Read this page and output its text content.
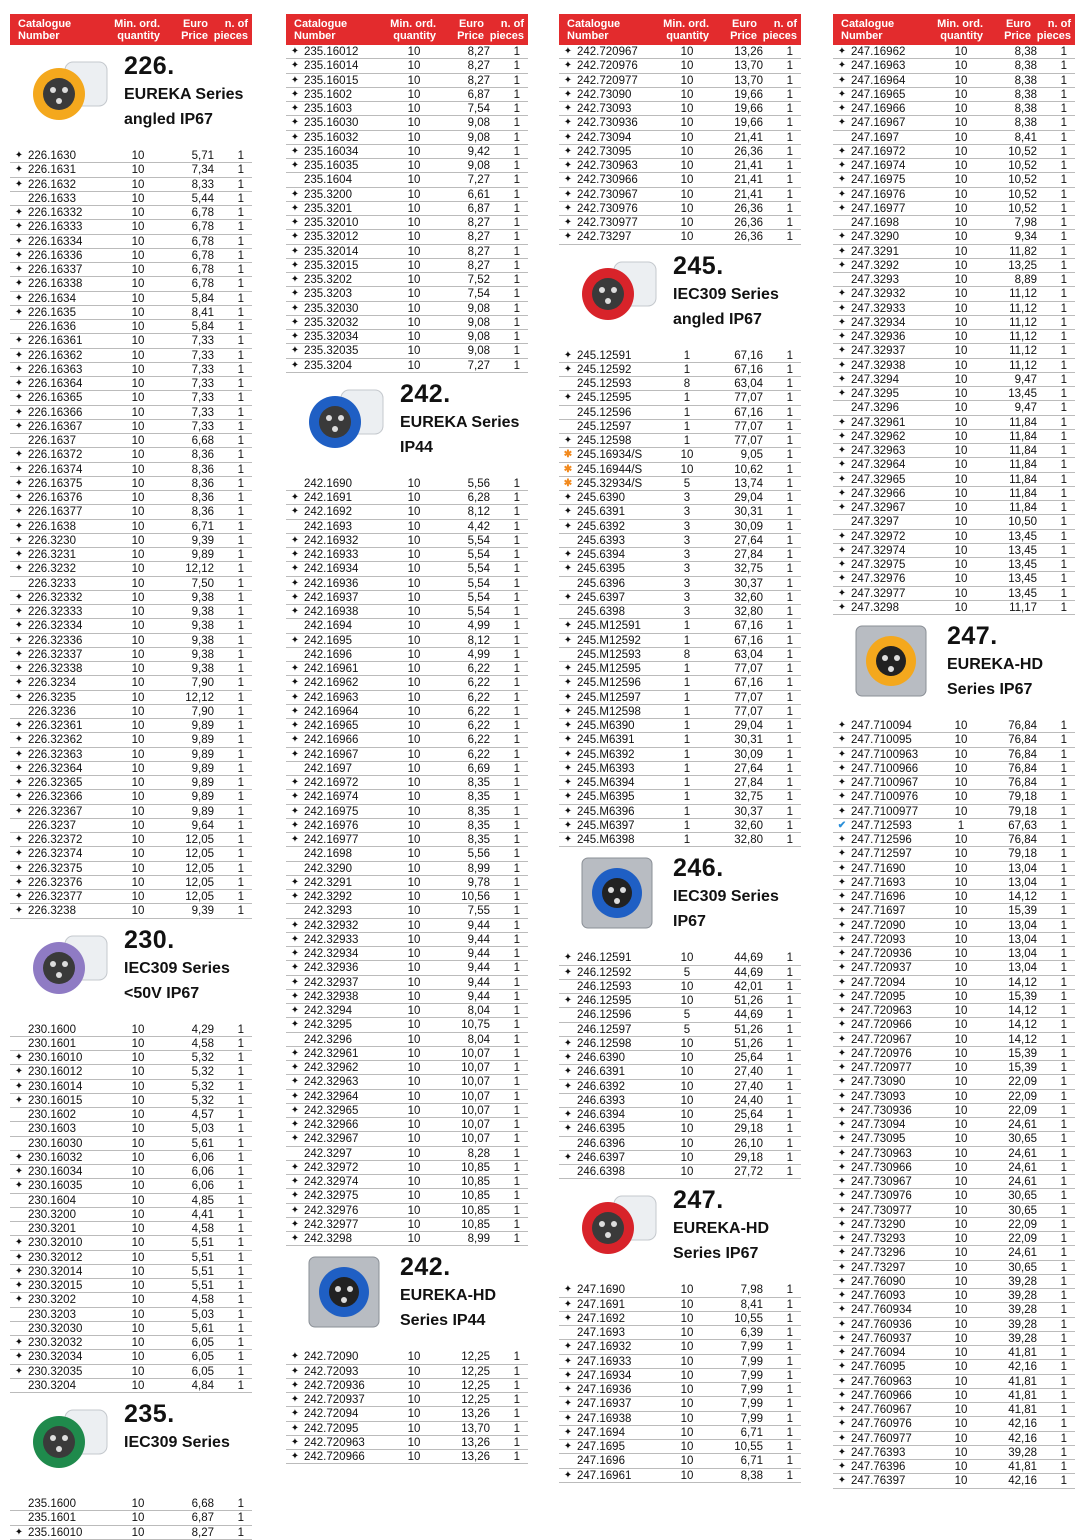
Catalogue
Number
Min. ord.
quantity
Euro
Price
n. of
pieces
226.
EUREKA Series
angled IP67
✦ 226.1630	10	5,71	1
✦ 226.1631	10	7,34	1
✦ 226.1632	10	8,33	1
226.1633	10	5,44	1
✦ 226.16332	10	6,78	1
✦ 226.16333	10	6,78	1
✦ 226.16334	10	6,78	1
✦ 226.16336	10	6,78	1
✦ 226.16337	10	6,78	1
✦ 226.16338	10	6,78	1
✦ 226.1634	10	5,84	1
✦ 226.1635	10	8,41	1
226.1636	10	5,84	1
✦ 226.16361	10	7,33	1
✦ 226.16362	10	7,33	1
✦ 226.16363	10	7,33	1
✦ 226.16364	10	7,33	1
✦ 226.16365	10	7,33	1
✦ 226.16366	10	7,33	1
✦ 226.16367	10	7,33	1
226.1637	10	6,68	1
✦ 226.16372	10	8,36	1
✦ 226.16374	10	8,36	1
✦ 226.16375	10	8,36	1
✦ 226.16376	10	8,36	1
✦ 226.16377	10	8,36	1
✦ 226.1638	10	6,71	1
✦ 226.3230	10	9,39	1
✦ 226.3231	10	9,89	1
✦ 226.3232	10	12,12	1
226.3233	10	7,50	1
✦ 226.32332	10	9,38	1
✦ 226.32333	10	9,38	1
✦ 226.32334	10	9,38	1
✦ 226.32336	10	9,38	1
✦ 226.32337	10	9,38	1
✦ 226.32338	10	9,38	1
✦ 226.3234	10	7,90	1
✦ 226.3235	10	12,12	1
226.3236	10	7,90	1
✦ 226.32361	10	9,89	1
✦ 226.32362	10	9,89	1
✦ 226.32363	10	9,89	1
✦ 226.32364	10	9,89	1
✦ 226.32365	10	9,89	1
✦ 226.32366	10	9,89	1
✦ 226.32367	10	9,89	1
226.3237	10	9,64	1
✦ 226.32372	10	12,05	1
✦ 226.32374	10	12,05	1
✦ 226.32375	10	12,05	1
✦ 226.32376	10	12,05	1
✦ 226.32377	10	12,05	1
✦ 226.3238	10	9,39	1
230.
IEC309 Series
<50V IP67
230.1600	10	4,29	1
230.1601	10	4,58	1
✦ 230.16010	10	5,32	1
✦ 230.16012	10	5,32	1
✦ 230.16014	10	5,32	1
✦ 230.16015	10	5,32	1
230.1602	10	4,57	1
230.1603	10	5,03	1
230.16030	10	5,61	1
✦ 230.16032	10	6,06	1
✦ 230.16034	10	6,06	1
✦ 230.16035	10	6,06	1
230.1604	10	4,85	1
230.3200	10	4,41	1
230.3201	10	4,58	1
✦ 230.32010	10	5,51	1
✦ 230.32012	10	5,51	1
✦ 230.32014	10	5,51	1
✦ 230.32015	10	5,51	1
✦ 230.3202	10	4,58	1
230.3203	10	5,03	1
230.32030	10	5,61	1
✦ 230.32032	10	6,05	1
✦ 230.32034	10	6,05	1
✦ 230.32035	10	6,05	1
230.3204	10	4,84	1
235.
IEC309 Series
235.1600	10	6,68	1
235.1601	10	6,87	1
✦ 235.16010	10	8,27	1
Catalogue
Number
Min. ord.
quantity
Euro
Price
n. of
pieces
✦ 235.16012	10	8,27	1
✦ 235.16014	10	8,27	1
✦ 235.16015	10	8,27	1
✦ 235.1602	10	6,87	1
✦ 235.1603	10	7,54	1
✦ 235.16030	10	9,08	1
✦ 235.16032	10	9,08	1
✦ 235.16034	10	9,42	1
✦ 235.16035	10	9,08	1
235.1604	10	7,27	1
✦ 235.3200	10	6,61	1
✦ 235.3201	10	6,87	1
✦ 235.32010	10	8,27	1
✦ 235.32012	10	8,27	1
✦ 235.32014	10	8,27	1
✦ 235.32015	10	8,27	1
✦ 235.3202	10	7,52	1
✦ 235.3203	10	7,54	1
✦ 235.32030	10	9,08	1
✦ 235.32032	10	9,08	1
✦ 235.32034	10	9,08	1
✦ 235.32035	10	9,08	1
✦ 235.3204	10	7,27	1
242.
EUREKA Series
IP44
242.1690	10	5,56	1
✦ 242.1691	10	6,28	1
✦ 242.1692	10	8,12	1
242.1693	10	4,42	1
✦ 242.16932	10	5,54	1
✦ 242.16933	10	5,54	1
✦ 242.16934	10	5,54	1
✦ 242.16936	10	5,54	1
✦ 242.16937	10	5,54	1
✦ 242.16938	10	5,54	1
242.1694	10	4,99	1
✦ 242.1695	10	8,12	1
242.1696	10	4,99	1
✦ 242.16961	10	6,22	1
✦ 242.16962	10	6,22	1
✦ 242.16963	10	6,22	1
✦ 242.16964	10	6,22	1
✦ 242.16965	10	6,22	1
✦ 242.16966	10	6,22	1
✦ 242.16967	10	6,22	1
242.1697	10	6,69	1
✦ 242.16972	10	8,35	1
✦ 242.16974	10	8,35	1
✦ 242.16975	10	8,35	1
✦ 242.16976	10	8,35	1
✦ 242.16977	10	8,35	1
242.1698	10	5,56	1
242.3290	10	8,99	1
✦ 242.3291	10	9,78	1
✦ 242.3292	10	10,56	1
242.3293	10	7,55	1
✦ 242.32932	10	9,44	1
✦ 242.32933	10	9,44	1
✦ 242.32934	10	9,44	1
✦ 242.32936	10	9,44	1
✦ 242.32937	10	9,44	1
✦ 242.32938	10	9,44	1
✦ 242.3294	10	8,04	1
✦ 242.3295	10	10,75	1
242.3296	10	8,04	1
✦ 242.32961	10	10,07	1
✦ 242.32962	10	10,07	1
✦ 242.32963	10	10,07	1
✦ 242.32964	10	10,07	1
✦ 242.32965	10	10,07	1
✦ 242.32966	10	10,07	1
✦ 242.32967	10	10,07	1
242.3297	10	8,28	1
✦ 242.32972	10	10,85	1
✦ 242.32974	10	10,85	1
✦ 242.32975	10	10,85	1
✦ 242.32976	10	10,85	1
✦ 242.32977	10	10,85	1
✦ 242.3298	10	8,99	1
242.
EUREKA-HD
Series IP44
✦ 242.72090	10	12,25	1
✦ 242.72093	10	12,25	1
✦ 242.720936	10	12,25	1
✦ 242.720937	10	12,25	1
✦ 242.72094	10	13,26	1
✦ 242.72095	10	13,70	1
✦ 242.720963	10	13,26	1
✦ 242.720966	10	13,26	1
Catalogue
Number
Min. ord.
quantity
Euro
Price
n. of
pieces
✦ 242.720967	10	13,26	1
✦ 242.720976	10	13,70	1
✦ 242.720977	10	13,70	1
✦ 242.73090	10	19,66	1
✦ 242.73093	10	19,66	1
✦ 242.730936	10	19,66	1
✦ 242.73094	10	21,41	1
✦ 242.73095	10	26,36	1
✦ 242.730963	10	21,41	1
✦ 242.730966	10	21,41	1
✦ 242.730967	10	21,41	1
✦ 242.730976	10	26,36	1
✦ 242.730977	10	26,36	1
✦ 242.73297	10	26,36	1
245.
IEC309 Series
angled IP67
✦ 245.12591	1	67,16	1
✦ 245.12592	1	67,16	1
245.12593	8	63,04	1
✦ 245.12595	1	77,07	1
245.12596	1	67,16	1
245.12597	1	77,07	1
✦ 245.12598	1	77,07	1
✱ 245.16934/S	10	9,05	1
✱ 245.16944/S	10	10,62	1
✱ 245.32934/S	5	13,74	1
✦ 245.6390	3	29,04	1
✦ 245.6391	3	30,31	1
✦ 245.6392	3	30,09	1
245.6393	3	27,64	1
✦ 245.6394	3	27,84	1
✦ 245.6395	3	32,75	1
245.6396	3	30,37	1
✦ 245.6397	3	32,60	1
245.6398	3	32,80	1
✦ 245.M12591	1	67,16	1
✦ 245.M12592	1	67,16	1
245.M12593	8	63,04	1
✦ 245.M12595	1	77,07	1
✦ 245.M12596	1	67,16	1
✦ 245.M12597	1	77,07	1
✦ 245.M12598	1	77,07	1
✦ 245.M6390	1	29,04	1
✦ 245.M6391	1	30,31	1
✦ 245.M6392	1	30,09	1
✦ 245.M6393	1	27,64	1
✦ 245.M6394	1	27,84	1
✦ 245.M6395	1	32,75	1
✦ 245.M6396	1	30,37	1
✦ 245.M6397	1	32,60	1
✦ 245.M6398	1	32,80	1
246.
IEC309 Series
IP67
✦ 246.12591	10	44,69	1
✦ 246.12592	5	44,69	1
246.12593	10	42,01	1
✦ 246.12595	10	51,26	1
246.12596	5	44,69	1
246.12597	5	51,26	1
✦ 246.12598	10	51,26	1
✦ 246.6390	10	25,64	1
✦ 246.6391	10	27,40	1
✦ 246.6392	10	27,40	1
246.6393	10	24,40	1
✦ 246.6394	10	25,64	1
✦ 246.6395	10	29,18	1
246.6396	10	26,10	1
✦ 246.6397	10	29,18	1
246.6398	10	27,72	1
247.
EUREKA-HD
Series IP67
✦ 247.1690	10	7,98	1
✦ 247.1691	10	8,41	1
✦ 247.1692	10	10,55	1
247.1693	10	6,39	1
✦ 247.16932	10	7,99	1
✦ 247.16933	10	7,99	1
✦ 247.16934	10	7,99	1
✦ 247.16936	10	7,99	1
✦ 247.16937	10	7,99	1
✦ 247.16938	10	7,99	1
✦ 247.1694	10	6,71	1
✦ 247.1695	10	10,55	1
247.1696	10	6,71	1
✦ 247.16961	10	8,38	1
Catalogue
Number
Min. ord.
quantity
Euro
Price
n. of
pieces
✦ 247.16962	10	8,38	1
✦ 247.16963	10	8,38	1
✦ 247.16964	10	8,38	1
✦ 247.16965	10	8,38	1
✦ 247.16966	10	8,38	1
✦ 247.16967	10	8,38	1
247.1697	10	8,41	1
✦ 247.16972	10	10,52	1
✦ 247.16974	10	10,52	1
✦ 247.16975	10	10,52	1
✦ 247.16976	10	10,52	1
✦ 247.16977	10	10,52	1
247.1698	10	7,98	1
✦ 247.3290	10	9,34	1
✦ 247.3291	10	11,82	1
✦ 247.3292	10	13,25	1
247.3293	10	8,89	1
✦ 247.32932	10	11,12	1
✦ 247.32933	10	11,12	1
✦ 247.32934	10	11,12	1
✦ 247.32936	10	11,12	1
✦ 247.32937	10	11,12	1
✦ 247.32938	10	11,12	1
✦ 247.3294	10	9,47	1
✦ 247.3295	10	13,45	1
247.3296	10	9,47	1
✦ 247.32961	10	11,84	1
✦ 247.32962	10	11,84	1
✦ 247.32963	10	11,84	1
✦ 247.32964	10	11,84	1
✦ 247.32965	10	11,84	1
✦ 247.32966	10	11,84	1
✦ 247.32967	10	11,84	1
247.3297	10	10,50	1
✦ 247.32972	10	13,45	1
✦ 247.32974	10	13,45	1
✦ 247.32975	10	13,45	1
✦ 247.32976	10	13,45	1
✦ 247.32977	10	13,45	1
✦ 247.3298	10	11,17	1
247.
EUREKA-HD
Series IP67
✦ 247.710094	10	76,84	1
✦ 247.710095	10	76,84	1
✦ 247.7100963	10	76,84	1
✦ 247.7100966	10	76,84	1
✦ 247.7100967	10	76,84	1
✦ 247.7100976	10	79,18	1
✦ 247.7100977	10	79,18	1
✔ 247.712593	1	67,63	1
✦ 247.712596	10	76,84	1
✦ 247.712597	10	79,18	1
✦ 247.71690	10	13,04	1
✦ 247.71693	10	13,04	1
✦ 247.71696	10	14,12	1
✦ 247.71697	10	15,39	1
✦ 247.72090	10	13,04	1
✦ 247.72093	10	13,04	1
✦ 247.720936	10	13,04	1
✦ 247.720937	10	13,04	1
✦ 247.72094	10	14,12	1
✦ 247.72095	10	15,39	1
✦ 247.720963	10	14,12	1
✦ 247.720966	10	14,12	1
✦ 247.720967	10	14,12	1
✦ 247.720976	10	15,39	1
✦ 247.720977	10	15,39	1
✦ 247.73090	10	22,09	1
✦ 247.73093	10	22,09	1
✦ 247.730936	10	22,09	1
✦ 247.73094	10	24,61	1
✦ 247.73095	10	30,65	1
✦ 247.730963	10	24,61	1
✦ 247.730966	10	24,61	1
✦ 247.730967	10	24,61	1
✦ 247.730976	10	30,65	1
✦ 247.730977	10	30,65	1
✦ 247.73290	10	22,09	1
✦ 247.73293	10	22,09	1
✦ 247.73296	10	24,61	1
✦ 247.73297	10	30,65	1
✦ 247.76090	10	39,28	1
✦ 247.76093	10	39,28	1
✦ 247.760934	10	39,28	1
✦ 247.760936	10	39,28	1
✦ 247.760937	10	39,28	1
✦ 247.76094	10	41,81	1
✦ 247.76095	10	42,16	1
✦ 247.760963	10	41,81	1
✦ 247.760966	10	41,81	1
✦ 247.760967	10	41,81	1
✦ 247.760976	10	42,16	1
✦ 247.760977	10	42,16	1
✦ 247.76393	10	39,28	1
✦ 247.76396	10	41,81	1
✦ 247.76397	10	42,16	1
